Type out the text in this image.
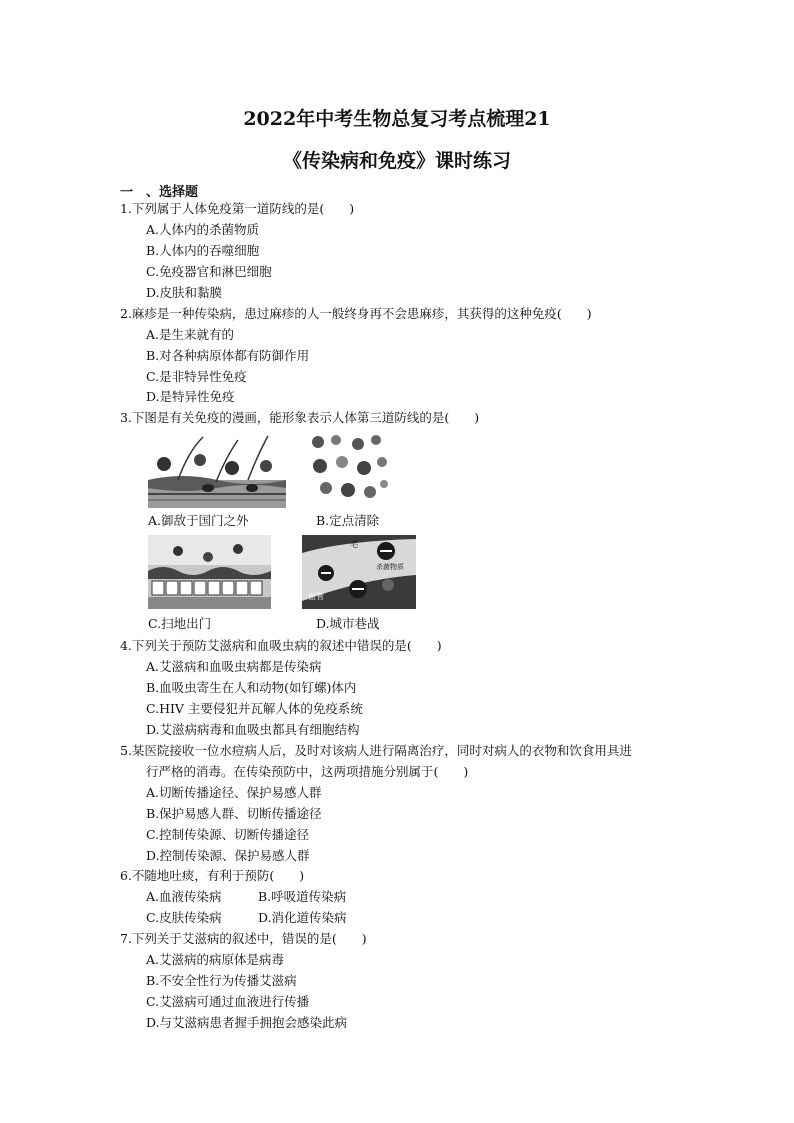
2022年中考生物总复习考点梳理21
《传染病和免疫》课时练习
一　、选择题
1.下列属于人体免疫第一道防线的是(　　)
A.人体内的杀菌物质
B.人体内的吞噬细胞
C.免疫器官和淋巴细胞
D.皮肤和黏膜
2.麻疹是一种传染病，患过麻疹的人一般终身再不会患麻疹，其获得的这种免疫(　　)
A.是生来就有的
B.对各种病原体都有防御作用
C.是非特异性免疫
D.是特异性免疫
3.下图是有关免疫的漫画，能形象表示人体第三道防线的是(　　)
A.御敌于国门之外	B.定点清除
毛
杀菌物质
血管
C.扫地出门	D.城市巷战
4.下列关于预防艾滋病和血吸虫病的叙述中错误的是(　　)
A.艾滋病和血吸虫病都是传染病
B.血吸虫寄生在人和动物(如钉螺)体内
C.HIV 主要侵犯并瓦解人体的免疫系统
D.艾滋病病毒和血吸虫都具有细胞结构
5.某医院接收一位水痘病人后，及时对该病人进行隔离治疗，同时对病人的衣物和饮食用具进
行严格的消毒。在传染预防中，这两项措施分别属于(　　)
A.切断传播途径、保护易感人群
B.保护易感人群、切断传播途径
C.控制传染源、切断传播途径
D.控制传染源、保护易感人群
6.不随地吐痰，有利于预防(　　)
A.血液传染病	B.呼吸道传染病
C.皮肤传染病	D.消化道传染病
7.下列关于艾滋病的叙述中，错误的是(　　)
A.艾滋病的病原体是病毒
B.不安全性行为传播艾滋病
C.艾滋病可通过血液进行传播
D.与艾滋病患者握手拥抱会感染此病
